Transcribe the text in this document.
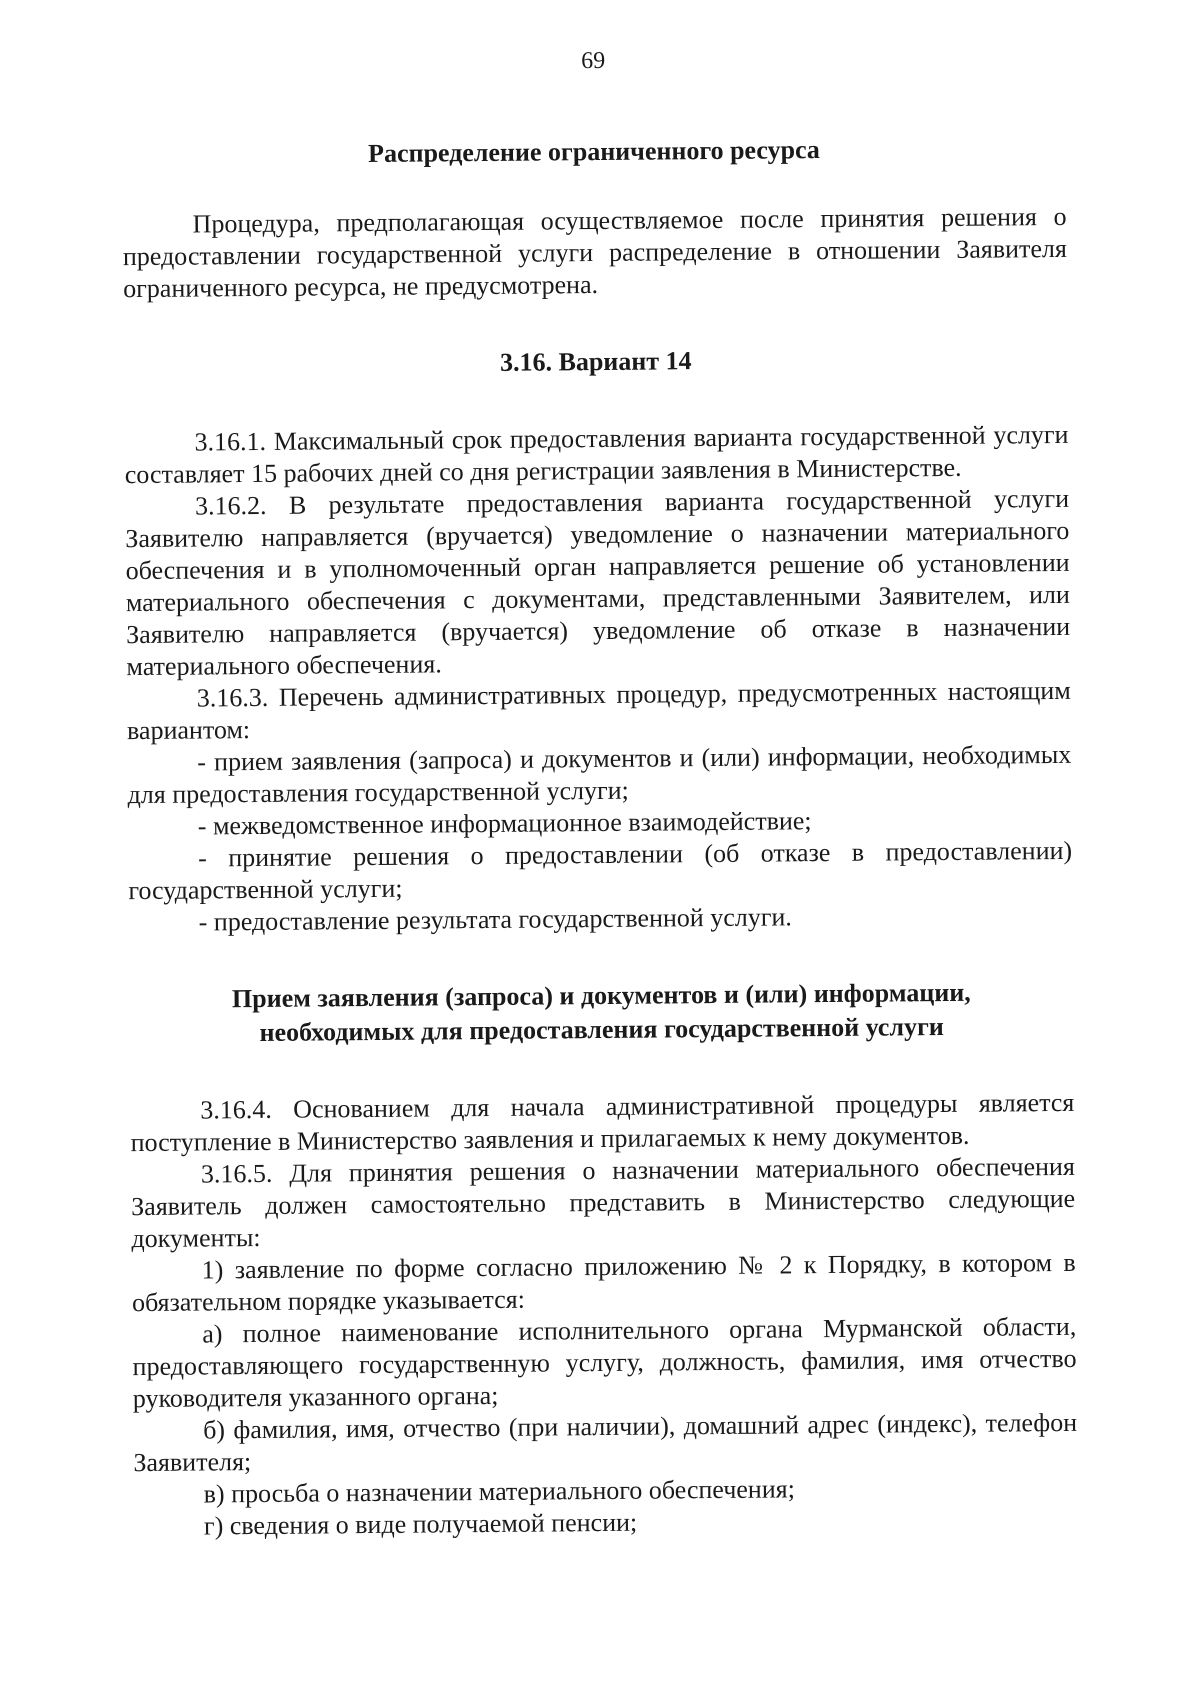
69
Распределение ограниченного ресурса

Процедура, предполагающая осуществляемое после принятия решения о предоставлении государственной услуги распределение в отношении Заявителя ограниченного ресурса, не предусмотрена.

3.16. Вариант 14

3.16.1. Максимальный срок предоставления варианта государственной услуги составляет 15 рабочих дней со дня регистрации заявления в Министерстве.

3.16.2. В результате предоставления варианта государственной услуги Заявителю направляется (вручается) уведомление о назначении материального обеспечения и в уполномоченный орган направляется решение об установлении материального обеспечения с документами, представленными Заявителем, или Заявителю направляется (вручается) уведомление об отказе в назначении материального обеспечения.

3.16.3. Перечень административных процедур, предусмотренных настоящим вариантом:

- прием заявления (запроса) и документов и (или) информации, необходимых для предоставления государственной услуги;

- межведомственное информационное взаимодействие;

- принятие решения о предоставлении (об отказе в предоставлении) государственной услуги;

- предоставление результата государственной услуги.

Прием заявления (запроса) и документов и (или) информации,
необходимых для предоставления государственной услуги

3.16.4. Основанием для начала административной процедуры является поступление в Министерство заявления и прилагаемых к нему документов.

3.16.5. Для принятия решения о назначении материального обеспечения Заявитель должен самостоятельно представить в Министерство следующие документы:

1) заявление по форме согласно приложению № 2 к Порядку, в котором в обязательном порядке указывается:

а) полное наименование исполнительного органа Мурманской области, предоставляющего государственную услугу, должность, фамилия, имя отчество руководителя указанного органа;

б) фамилия, имя, отчество (при наличии), домашний адрес (индекс), телефон Заявителя;

в) просьба о назначении материального обеспечения;

г) сведения о виде получаемой пенсии;
